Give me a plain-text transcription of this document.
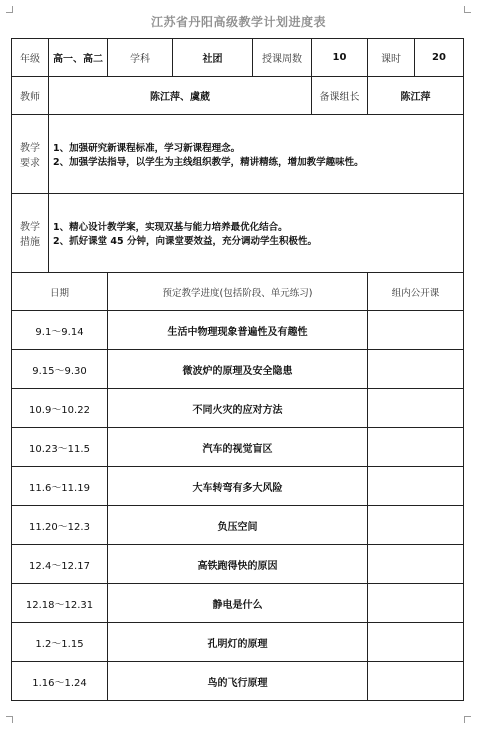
江苏省丹阳高级教学计划进度表
年级	高一、高二	学科	社团	授课周数	10	课时	20
教师	陈江萍、虞葳				备课组长	陈江萍	

教学
要求	1、加强研究新课程标准，学习新课程理念。
2、加强学法指导，以学生为主线组织教学，精讲精练，增加教学趣味性。						

教学
措施	1、精心设计教学案，实现双基与能力培养最优化结合。
2、抓好课堂 45 分钟，向课堂要效益，充分调动学生积极性。						

日期		预定教学进度(包括阶段、单元练习)				组内公开课	
9.1～9.14		生活中物理现象普遍性及有趣性					
9.15～9.30		微波炉的原理及安全隐患					
10.9～10.22		不同火灾的应对方法					
10.23～11.5		汽车的视觉盲区					
11.6～11.19		大车转弯有多大风险					
11.20～12.3		负压空间					
12.4～12.17		高铁跑得快的原因					
12.18～12.31		静电是什么					
1.2～1.15		孔明灯的原理					
1.16～1.24		鸟的飞行原理					
